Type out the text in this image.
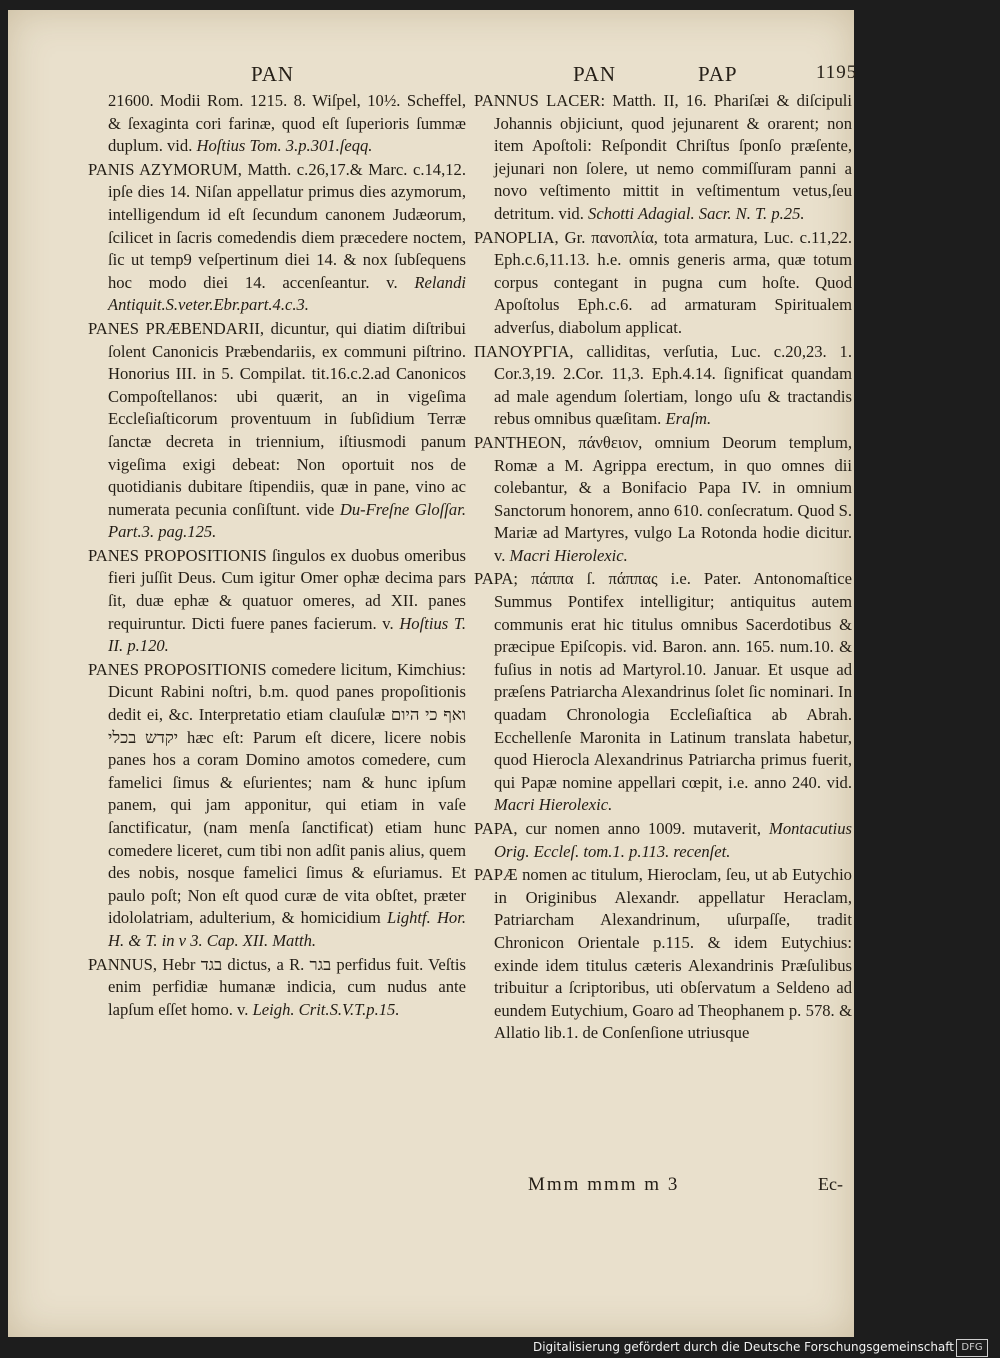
PAN	PAN	PAP	1195

21600. Modii Rom. 1215. 8. Wiſpel, 10½. Scheffel, & ſexaginta cori farinæ, quod eſt ſuperioris ſummæ duplum. vid. Hoſtius Tom. 3.p.301.ſeqq.

PANIS AZYMORUM, Matth. c.26,17.& Marc. c.14,12. ipſe dies 14. Niſan appellatur primus dies azymorum, intelligendum id eſt ſecundum canonem Judæorum, ſcilicet in ſacris comedendis diem præcedere noctem, ſic ut temp9 veſpertinum diei 14. & nox ſubſequens hoc modo diei 14. accenſeantur. v. Relandi Antiquit.S.veter.Ebr.part.4.c.3.

PANES PRÆBENDARII, dicuntur, qui diatim diſtribui ſolent Canonicis Præbendariis, ex communi piſtrino. Honorius III. in 5. Compilat. tit.16.c.2.ad Canonicos Compoſtellanos: ubi quærit, an in vigeſima Eccleſiaſticorum proventuum in ſubſidium Terræ ſanctæ decreta in triennium, iſtiusmodi panum vigeſima exigi debeat: Non oportuit nos de quotidianis dubitare ſtipendiis, quæ in pane, vino ac numerata pecunia conſiſtunt. vide Du-Freſne Gloſſar. Part.3. pag.125.

PANES PROPOSITIONIS ſingulos ex duobus omeribus fieri juſſit Deus. Cum igitur Omer ophæ decima pars ſit, duæ ephæ & quatuor omeres, ad XII. panes requiruntur. Dicti fuere panes facierum. v. Hoſtius T. II. p.120.

PANES PROPOSITIONIS comedere licitum, Kimchius: Dicunt Rabini noſtri, b.m. quod panes propoſitionis dedit ei, &c. Interpretatio etiam clauſulæ ואף כי היום יקדש בכלי hæc eſt: Parum eſt dicere, licere nobis panes hos a coram Domino amotos comedere, cum famelici ſimus & eſurientes; nam & hunc ipſum panem, qui jam apponitur, qui etiam in vaſe ſanctificatur, (nam menſa ſanctificat) etiam hunc comedere liceret, cum tibi non adſit panis alius, quem des nobis, nosque famelici ſimus & eſuriamus. Et paulo poſt; Non eſt quod curæ de vita obſtet, præter idololatriam, adulterium, & homicidium Lightf. Hor. H. & T. in v 3. Cap. XII. Matth.

PANNUS, Hebr בגד dictus, a R. בגר perfidus fuit. Veſtis enim perfidiæ humanæ indicia, cum nudus ante lapſum eſſet homo. v. Leigh. Crit.S.V.T.p.15.

PANNUS LACER: Matth. II, 16. Phariſæi & diſcipuli Johannis objiciunt, quod jejunarent & orarent; non item Apoſtoli: Reſpondit Chriſtus ſponſo præſente, jejunari non ſolere, ut nemo commiſſuram panni a novo veſtimento mittit in veſtimentum vetus,ſeu detritum. vid. Schotti Adagial. Sacr. N. T. p.25.

PANOPLIA, Gr. πανοπλία, tota armatura, Luc. c.11,22. Eph.c.6,11.13. h.e. omnis generis arma, quæ totum corpus contegant in pugna cum hoſte. Quod Apoſtolus Eph.c.6. ad armaturam Spiritualem adverſus, diabolum applicat.

ΠΑΝΟΥΡΓΙΑ, calliditas, verſutia, Luc. c.20,23. 1. Cor.3,19. 2.Cor. 11,3. Eph.4.14. ſignificat quandam ad male agendum ſolertiam, longo uſu & tractandis rebus omnibus quæſitam. Eraſm.

PANTHEON, πάνθειον, omnium Deorum templum, Romæ a M. Agrippa erectum, in quo omnes dii colebantur, & a Bonifacio Papa IV. in omnium Sanctorum honorem, anno 610. conſecratum. Quod S. Mariæ ad Martyres, vulgo La Rotonda hodie dicitur. v. Macri Hierolexic.

PAPA; πάππα ſ. πάππας i.e. Pater. Antonomaſtice Summus Pontifex intelligitur; antiquitus autem communis erat hic titulus omnibus Sacerdotibus & præcipue Epiſcopis. vid. Baron. ann. 165. num.10. & fuſius in notis ad Martyrol.10. Januar. Et usque ad præſens Patriarcha Alexandrinus ſolet ſic nominari. In quadam Chronologia Eccleſiaſtica ab Abrah. Ecchellenſe Maronita in Latinum translata habetur, quod Hierocla Alexandrinus Patriarcha primus fuerit, qui Papæ nomine appellari cœpit, i.e. anno 240. vid. Macri Hierolexic.

PAPA, cur nomen anno 1009. mutaverit, Montacutius Orig. Eccleſ. tom.1. p.113. recenſet.

PAPÆ nomen ac titulum, Hieroclam, ſeu, ut ab Eutychio in Originibus Alexandr. appellatur Heraclam, Patriarcham Alexandrinum, uſurpaſſe, tradit Chronicon Orientale p.115. & idem Eutychius: exinde idem titulus cæteris Alexandrinis Præſulibus tribuitur a ſcriptoribus, uti obſervatum a Seldeno ad eundem Eutychium, Goaro ad Theophanem p. 578. & Allatio lib.1. de Conſenſione utriusque

Mmm mmm m 3	Ec-
Digitalisierung gefördert durch die Deutsche Forschungsgemeinschaft DFG
